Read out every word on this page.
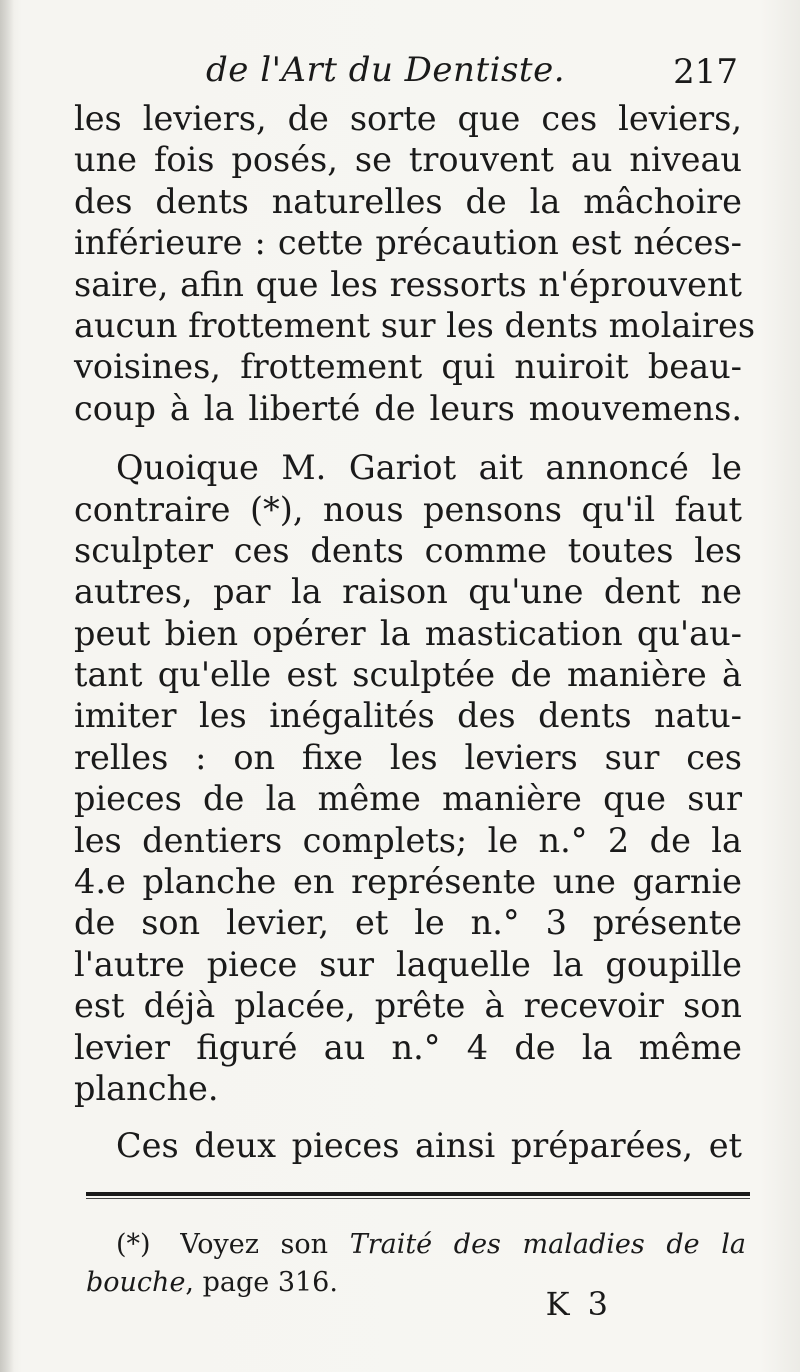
de l'Art du Dentiste.	217
les leviers, de sorte que ces leviers,
une fois posés, se trouvent au niveau
des dents naturelles de la mâchoire
inférieure : cette précaution est néces-
saire, afin que les ressorts n'éprouvent
aucun frottement sur les dents molaires
voisines, frottement qui nuiroit beau-
coup à la liberté de leurs mouvemens.
Quoique M. Gariot ait annoncé le
contraire (*), nous pensons qu'il faut
sculpter ces dents comme toutes les
autres, par la raison qu'une dent ne
peut bien opérer la mastication qu'au-
tant qu'elle est sculptée de manière à
imiter les inégalités des dents natu-
relles : on fixe les leviers sur ces
pieces de la même manière que sur
les dentiers complets; le n.° 2 de la
4.e planche en représente une garnie
de son levier, et le n.° 3 présente
l'autre piece sur laquelle la goupille
est déjà placée, prête à recevoir son
levier figuré au n.° 4 de la même
planche.
Ces deux pieces ainsi préparées, et
(*) Voyez son Traité des maladies de la
bouche, page 316.
K 3
